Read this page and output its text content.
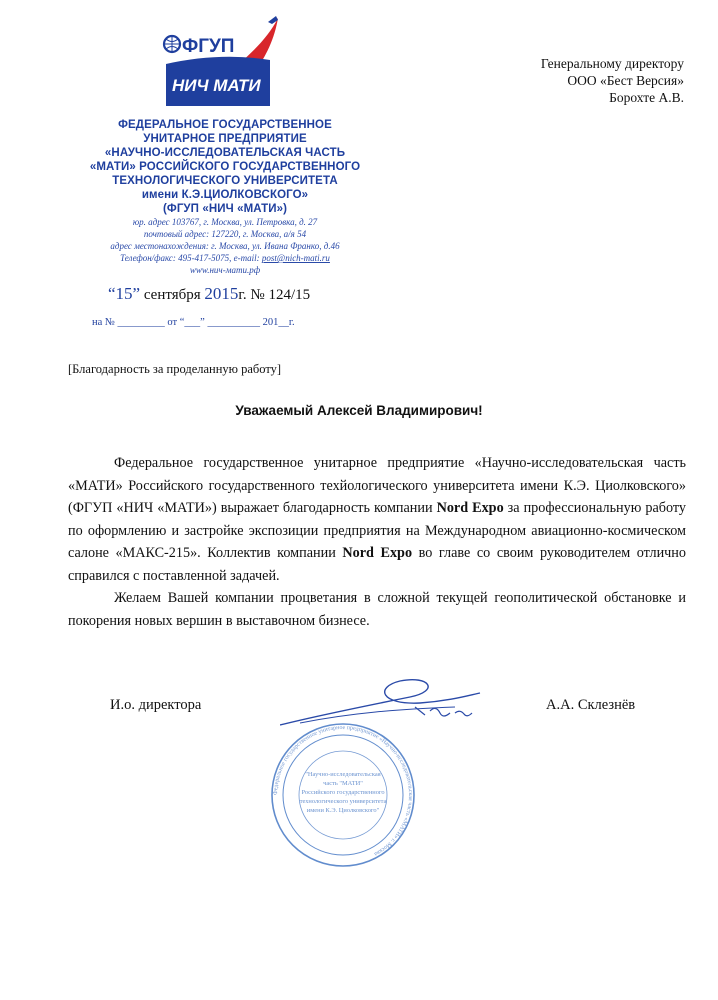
ФГУП
НИЧ МАТИ
ФЕДЕРАЛЬНОЕ ГОСУДАРСТВЕННОЕ
УНИТАРНОЕ ПРЕДПРИЯТИЕ
«НАУЧНО-ИССЛЕДОВАТЕЛЬСКАЯ ЧАСТЬ
«МАТИ» РОССИЙСКОГО ГОСУДАРСТВЕННОГО
ТЕХНОЛОГИЧЕСКОГО УНИВЕРСИТЕТА
имени К.Э.ЦИОЛКОВСКОГО»
(ФГУП «НИЧ «МАТИ»)
юр. адрес 103767, г. Москва, ул. Петровка, д. 27
почтовый адрес: 127220, г. Москва, а/я 54
адрес местонахождения: г. Москва, ул. Ивана Франко, д.46
Телефон/факс: 495-417-5075, e-mail: post@nich-mati.ru
www.нич-мати.рф
Генеральному директору
ООО «Бест Версия»
Борохте А.В.
“15” сентября 2015г. № 124/15
на № _________ от “___” __________ 201__г.
[Благодарность за проделанную работу]
Уважаемый Алексей Владимирович!

Федеральное государственное унитарное предприятие «Научно-исследовательская часть «МАТИ» Российского государственного техйологического университета имени К.Э. Циолковского» (ФГУП «НИЧ «МАТИ») выражает благодарность компании Nord Expo за профессиональную работу по оформлению и застройке экспозиции предприятия на Международном авиационно-космическом салоне «МАКС-215». Коллектив компании Nord Expo во главе со своим руководителем отлично справился с поставленной задачей.

Желаем Вашей компании процветания в сложной текущей геополитической обстановке и покорения новых вершин в выставочном бизнесе.

И.о. директора	А.А. Склезнёв
"Научно-исследовательская
часть "МАТИ"
Российского государственного
технологического университета
имени К.Э. Циолковского"
Федеральное государственное унитарное предприятие «Научно-исследовательская часть «МАТИ» г. Москва
